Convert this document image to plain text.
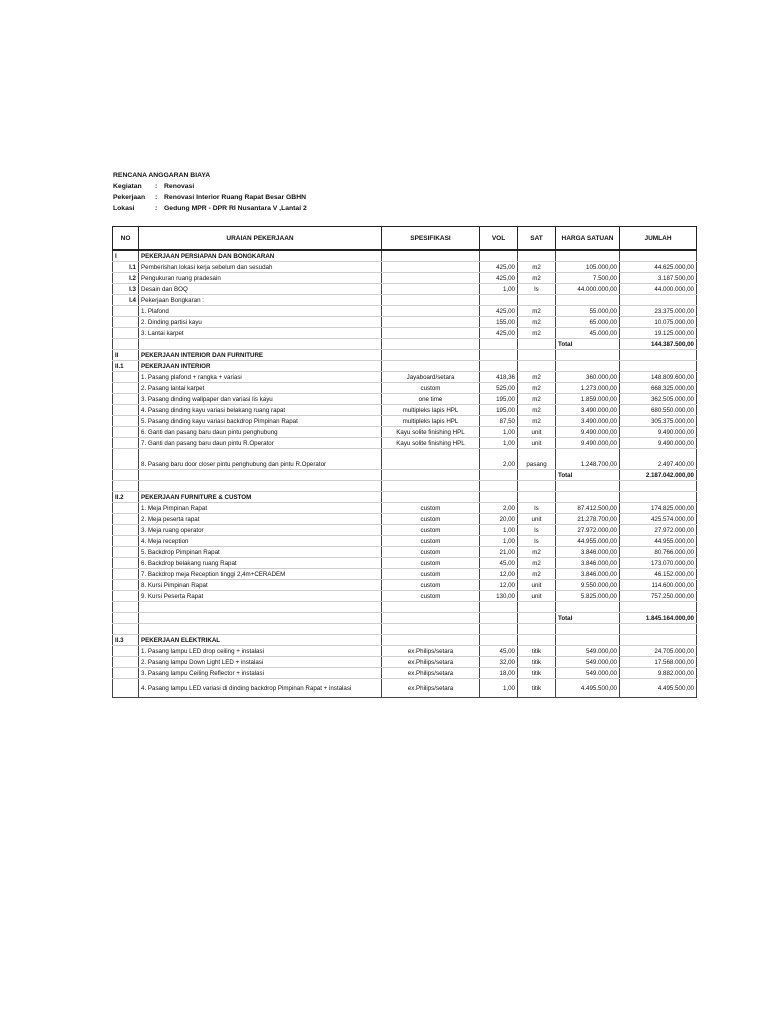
RENCANA ANGGARAN BIAYA
Kegiatan	: Renovasi
Pekerjaan	: Renovasi Interior Ruang Rapat Besar GBHN
Lokasi	: Gedung MPR - DPR RI Nusantara V ,Lantai 2
NO	URAIAN PEKERJAAN	SPESIFIKASI	VOL	SAT	HARGA SATUAN	JUMLAH
I	PEKERJAAN PERSIAPAN DAN BONGKARAN					
I.1	Pemberishan lokasi kerja sebelum dan sesudah		425,00	m2	105.000,00	44.625.000,00
I.2	Pengukuran ruang pradesain		425,00	m2	7.500,00	3.187.500,00
I.3	Desain dan BOQ		1,00	ls	44.000.000,00	44.000.000,00
I.4	Pekerjaan Bongkaran :					
	1. Plafond		425,00	m2	55.000,00	23.375.000,00
	2. Dinding partisi kayu		155,00	m2	65.000,00	10.075.000,00
	3. Lantai karpet		425,00	m2	45.000,00	19.125.000,00
					Total	144.387.500,00
II	PEKERJAAN INTERIOR DAN FURNITURE					
II.1	PEKERJAAN INTERIOR					
	1. Pasang plafond + rangka + variasi	Jayaboard/setara	418,36	m2	360.000,00	148.809.600,00
	2. Pasang lantai karpet	custom	525,00	m2	1.273.000,00	668.325.000,00
	3. Pasang dinding wallpaper dan variasi lis kayu	one time	195,00	m2	1.859.000,00	362.505.000,00
	4. Pasang dinding kayu variasi belakang ruang rapat	multipleks lapis HPL	195,00	m2	3.490.000,00	680.550.000,00
	5. Pasang dinding kayu variasi backdrop Pimpinan Rapat	multipleks lapis HPL	87,50	m2	3.490.000,00	305.375.000,00
	6. Ganti dan pasang baru daun pintu penghubung	Kayu solite finishing HPL	1,00	unit	9.490.000,00	9.490.000,00
	7. Ganti dan pasang baru daun pintu R.Operator	Kayu solite finishing HPL	1,00	unit	9.490.000,00	9.490.000,00
	8. Pasang baru door closer pintu penghubung dan pintu R.Operator		2,00	pasang	1.248.700,00	2.497.400,00
					Total	2.187.042.000,00

II.2	PEKERJAAN FURNITURE & CUSTOM					
	1. Meja Pimpinan Rapat	custom	2,00	ls	87.412.500,00	174.825.000,00
	2. Meja peserta rapat	custom	20,00	unit	21.278.700,00	425.574.000,00
	3. Meja ruang operator	custom	1,00	ls	27.972.000,00	27.972.000,00
	4. Meja reception	custom	1,00	ls	44.955.000,00	44.955.000,00
	5. Backdrop Pimpinan Rapat	custom	21,00	m2	3.846.000,00	80.766.000,00
	6. Backdrop belakang ruang Rapat	custom	45,00	m2	3.846.000,00	173.070.000,00
	7. Backdrop meja Reception tinggi 2,4m+CERADEM	custom	12,00	m2	3.846.000,00	46.152.000,00
	8. Kursi Pimpinan Rapat	custom	12,00	unit	9.550.000,00	114.600.000,00
	9. Kursi Peserta Rapat	custom	130,00	unit	5.825.000,00	757.250.000,00

					Total	1.845.164.000,00

II.3	PEKERJAAN ELEKTRIKAL					
	1. Pasang lampu LED drop ceiling + instalasi	ex.Philips/setara	45,00	titik	549.000,00	24.705.000,00
	2. Pasang lampu Down Light LED + instalasi	ex.Philips/setara	32,00	titik	549.000,00	17.568.000,00
	3. Pasang lampu Ceiling Reflector + instalasi	ex.Philips/setara	18,00	titik	549.000,00	9.882.000,00
	4. Pasang lampu LED variasi di dinding backdrop Pimpinan Rapat + instalasi	ex.Philips/setara	1,00	titik	4.495.500,00	4.495.500,00
